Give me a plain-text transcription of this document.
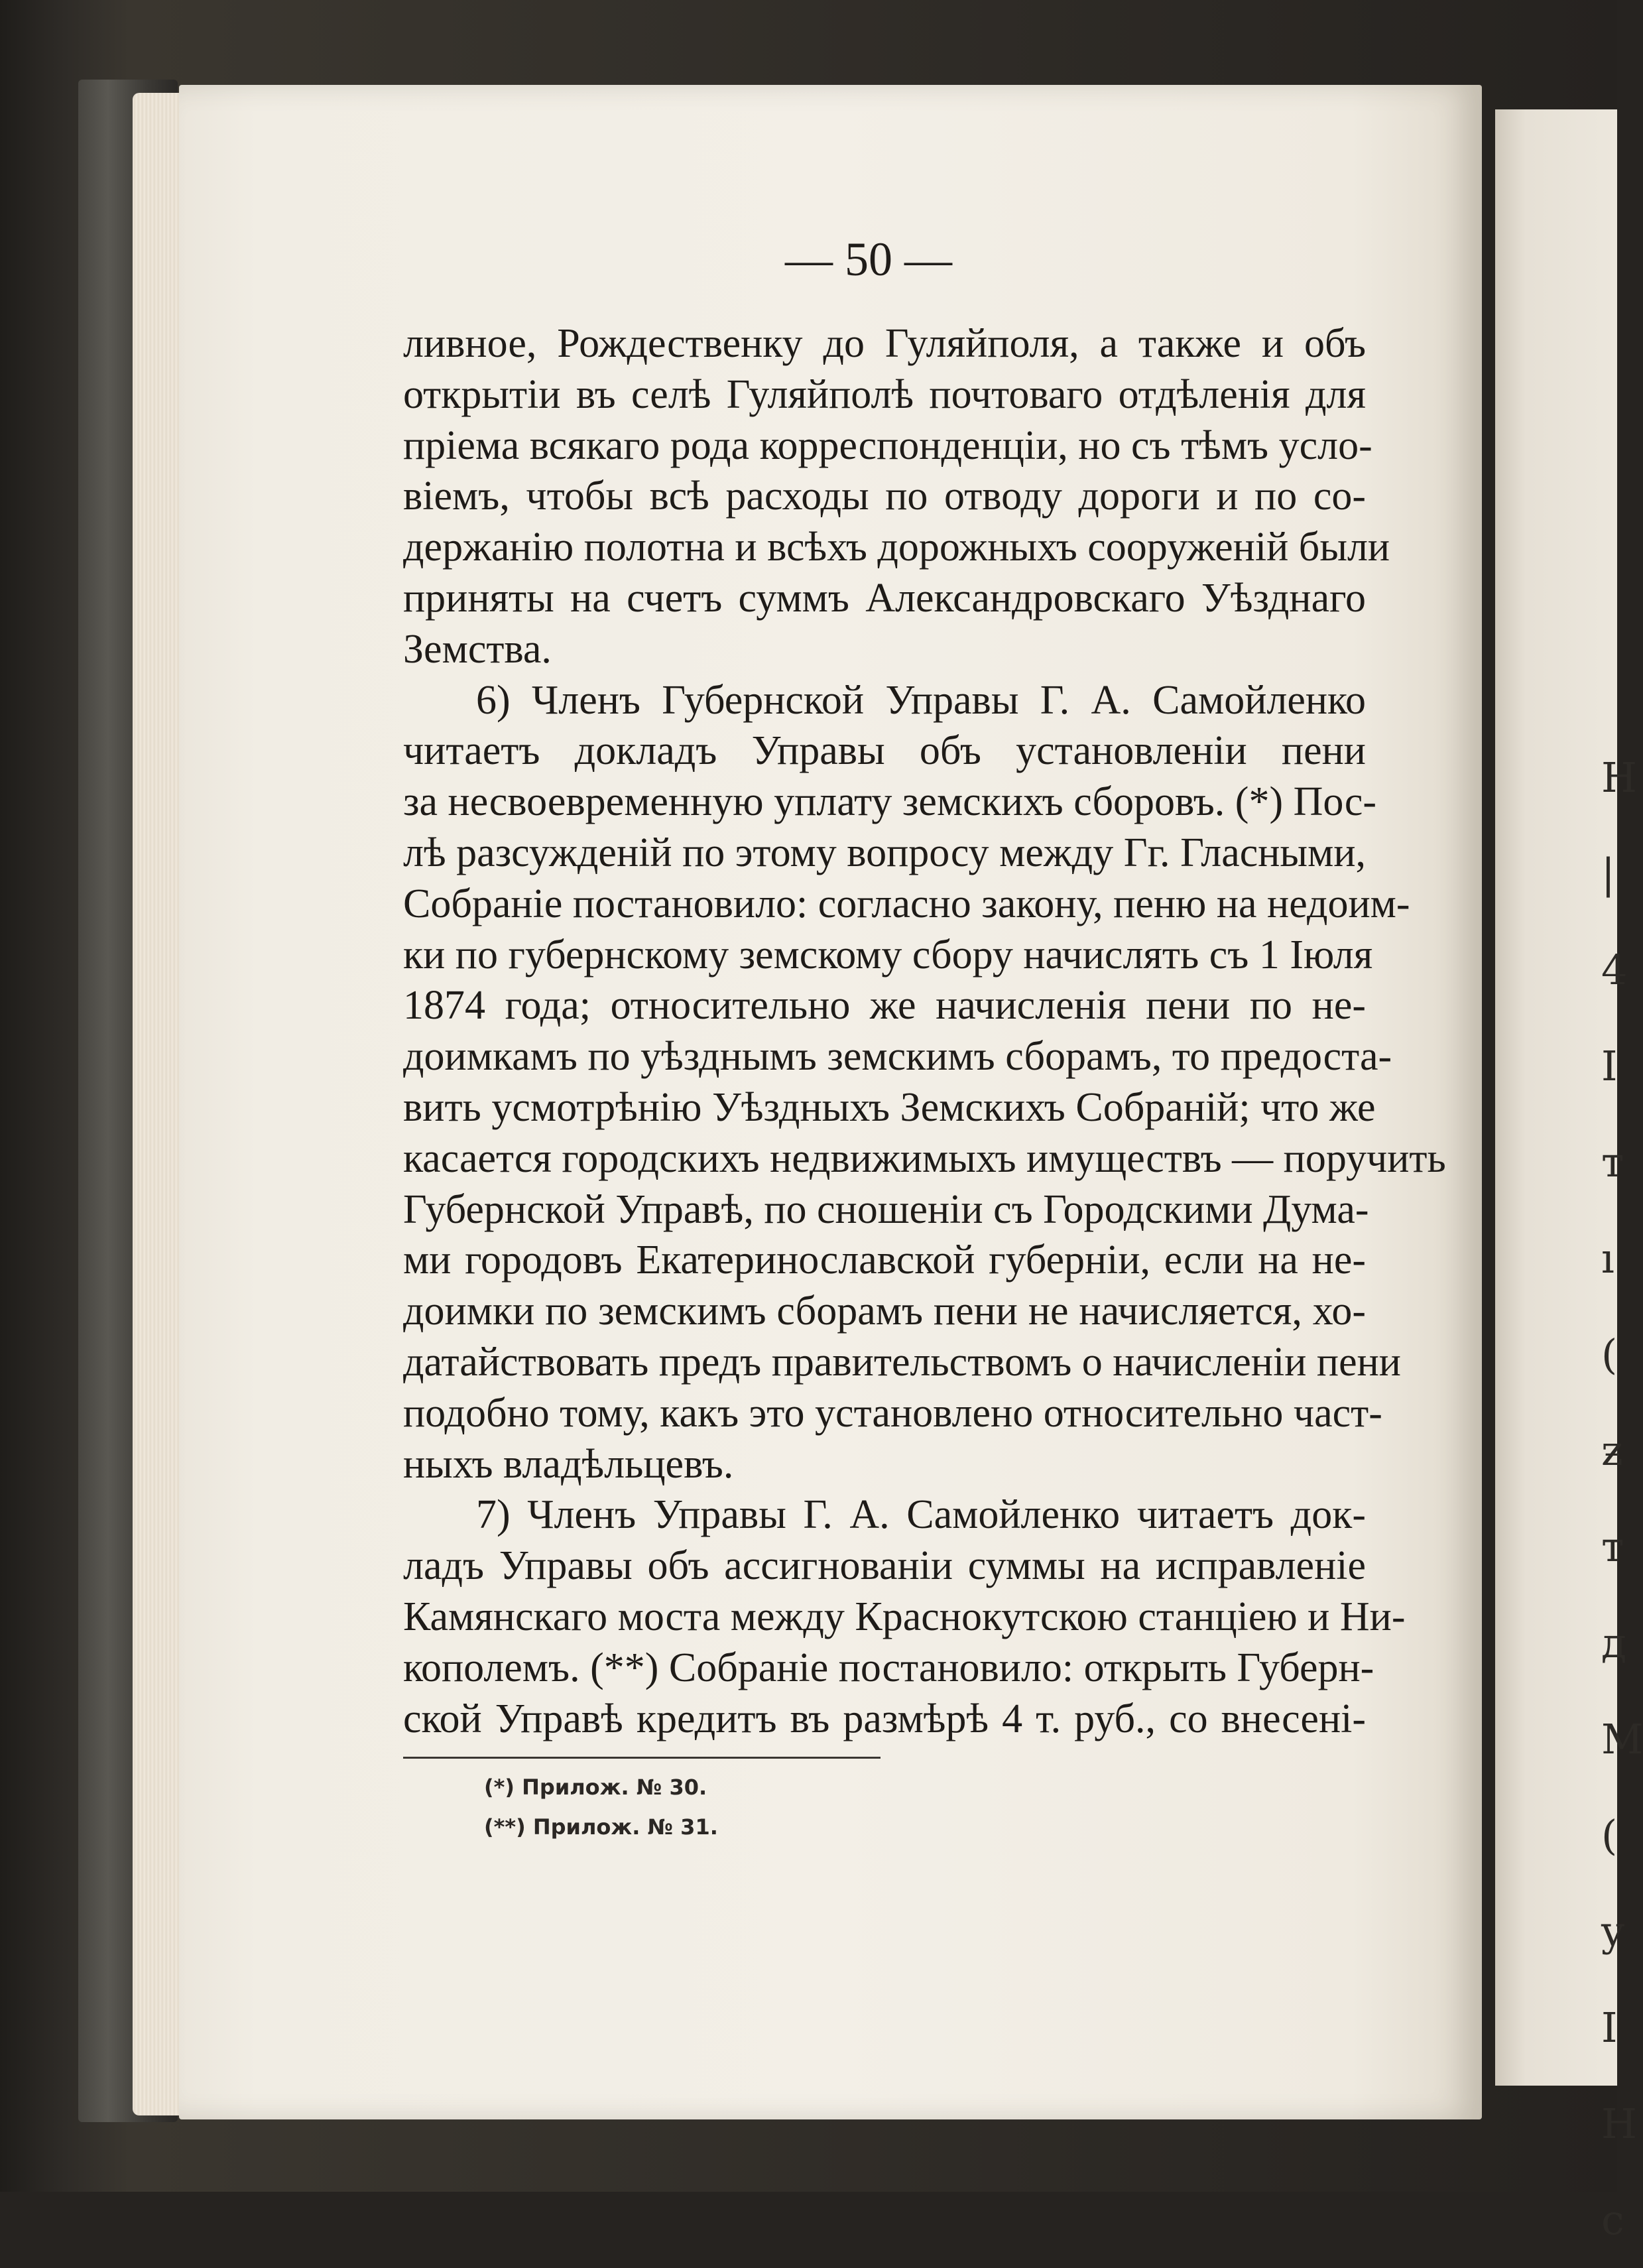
Н
|
4
I
т
ı
(
ƶ
т
д
M
(
y
I
H
c
— 50 —
ливное, Рождественку до Гуляйполя, а также и объ
открытiи въ селѣ Гуляйполѣ почтоваго отдѣленiя для
прiема всякаго рода корреспонденцiи, но съ тѣмъ усло-
вiемъ, чтобы всѣ расходы по отводу дороги и по со-
держанiю полотна и всѣхъ дорожныхъ сооруженiй были
приняты на счетъ суммъ Александровскаго Уѣзднаго
Земства.
6) Членъ Губернской Управы Г. А. Самойленко читаетъ докладъ Управы объ установленiи пени
за несвоевременную уплату земскихъ сборовъ. (*) Пос-
лѣ разсужденiй по этому вопросу между Гг. Гласными,
Собранiе постановило: согласно закону, пеню на недоим-
ки по губернскому земскому сбору начислять съ 1 Iюля
1874 года; относительно же начисленiя пени по не-
доимкамъ по уѣзднымъ земскимъ сборамъ, то предоста-
вить усмотрѣнiю Уѣздныхъ Земскихъ Собранiй; что же
касается городскихъ недвижимыхъ имуществъ — поручить
Губернской Управѣ, по сношенiи съ Городскими Дума-
ми городовъ Екатеринославской губернiи, если на не-
доимки по земскимъ сборамъ пени не начисляется, хо-
датайствовать предъ правительствомъ о начисленiи пени
подобно тому, какъ это установлено относительно част-
ныхъ владѣльцевъ.
7) Членъ Управы Г. А. Самойленко читаетъ док-
ладъ Управы объ ассигнованiи суммы на исправленiе
Камянскаго моста между Краснокутскою станцiею и Ни-
кополемъ. (**) Собранiе постановило: открыть Губерн-
ской Управѣ кредитъ въ размѣрѣ 4 т. руб., со внесенi-
(*) Прилож. № 30.
(**) Прилож. № 31.
